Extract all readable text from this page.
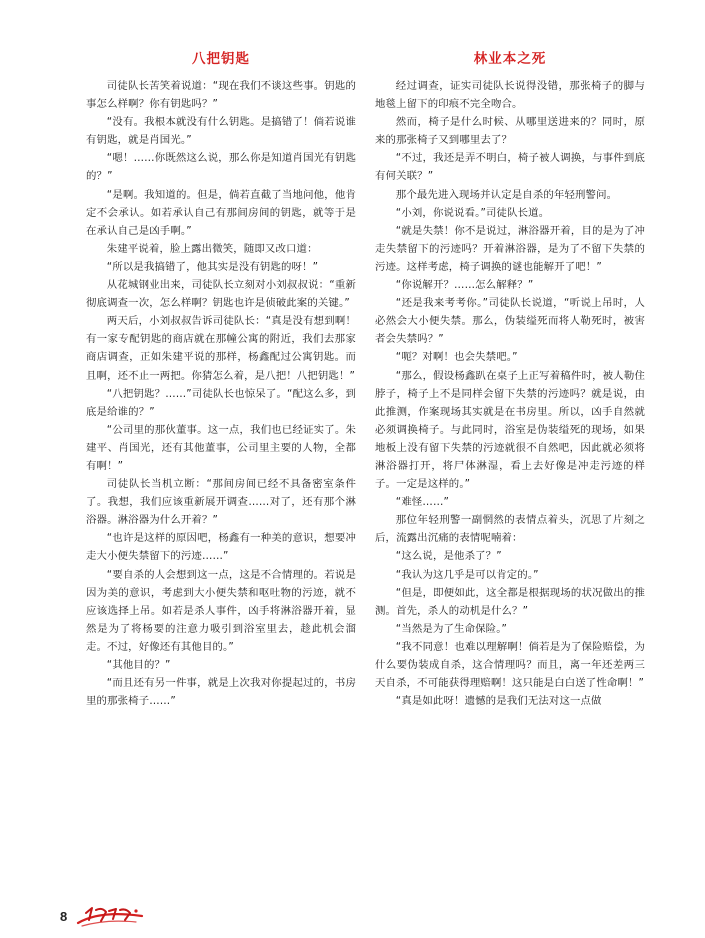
八把钥匙

司徒队长苦笑着说道：“现在我们不谈这些事。钥匙的事怎么样啊？你有钥匙吗？”

“没有。我根本就没有什么钥匙。是搞错了！倘若说谁有钥匙，就是肖国光。”

“嗯！……你既然这么说，那么你是知道肖国光有钥匙的？”

“是啊。我知道的。但是，倘若直截了当地问他，他肯定不会承认。如若承认自己有那间房间的钥匙，就等于是在承认自己是凶手啊。”

朱建平说着，脸上露出微笑，随即又改口道：

“所以是我搞错了，他其实是没有钥匙的呀！”

从花城钢业出来，司徒队长立刻对小刘叔叔说：“重新彻底调查一次，怎么样啊？钥匙也许是侦破此案的关键。”

两天后，小刘叔叔告诉司徒队长：“真是没有想到啊！有一家专配钥匙的商店就在那幢公寓的附近，我们去那家商店调查，正如朱建平说的那样，杨鑫配过公寓钥匙。而且啊，还不止一两把。你猜怎么着，是八把！八把钥匙！”

“八把钥匙？……”司徒队长也惊呆了。“配这么多，到底是给谁的？”

“公司里的那伙董事。这一点，我们也已经证实了。朱建平、肖国光，还有其他董事，公司里主要的人物，全都有啊！”

司徒队长当机立断：“那间房间已经不具备密室条件了。我想，我们应该重新展开调查……对了，还有那个淋浴器。淋浴器为什么开着？”

“也许是这样的原因吧，杨鑫有一种美的意识，想要冲走大小便失禁留下的污迹……”

“要自杀的人会想到这一点，这是不合情理的。若说是因为美的意识，考虑到大小便失禁和呕吐物的污迹，就不应该选择上吊。如若是杀人事件，凶手将淋浴器开着，显然是为了将杨要的注意力吸引到浴室里去，趁此机会溜走。不过，好像还有其他目的。”

“其他目的？”

“而且还有另一件事，就是上次我对你提起过的，书房里的那张椅子……”

林业本之死

经过调查，证实司徒队长说得没错，那张椅子的脚与地毯上留下的印痕不完全吻合。

然而，椅子是什么时候、从哪里送进来的？同时，原来的那张椅子又到哪里去了？

“不过，我还是弄不明白，椅子被人调换，与事件到底有何关联？”

那个最先进入现场并认定是自杀的年轻刑警问。

“小刘，你说说看。”司徒队长道。

“就是失禁！你不是说过，淋浴器开着，目的是为了冲走失禁留下的污迹吗？开着淋浴器，是为了不留下失禁的污迹。这样考虑，椅子调换的谜也能解开了吧！”

“你说解开？……怎么解释？”

“还是我来考考你。”司徒队长说道，“听说上吊时，人必然会大小便失禁。那么，伪装缢死而将人勒死时，被害者会失禁吗？”

“呃？对啊！也会失禁吧。”

“那么，假设杨鑫趴在桌子上正写着稿件时，被人勒住脖子，椅子上不是同样会留下失禁的污迹吗？就是说，由此推测，作案现场其实就是在书房里。所以，凶手自然就必须调换椅子。与此同时，浴室是伪装缢死的现场，如果地板上没有留下失禁的污迹就很不自然吧，因此就必须将淋浴器打开，将尸体淋湿，看上去好像是冲走污迹的样子。一定是这样的。”

“难怪……”

那位年轻刑警一副惘然的表情点着头，沉思了片刻之后，流露出沉痛的表情呢喃着：

“这么说，是他杀了？”

“我认为这几乎是可以肯定的。”

“但是，即便如此，这全都是根据现场的状况做出的推测。首先，杀人的动机是什么？”

“当然是为了生命保险。”

“我不同意！也难以理解啊！倘若是为了保险赔偿，为什么要伪装成自杀，这合情理吗？而且，离一年还差两三天自杀，不可能获得理赔啊！这只能是白白送了性命啊！”

“真是如此呀！遗憾的是我们无法对这一点做

8
